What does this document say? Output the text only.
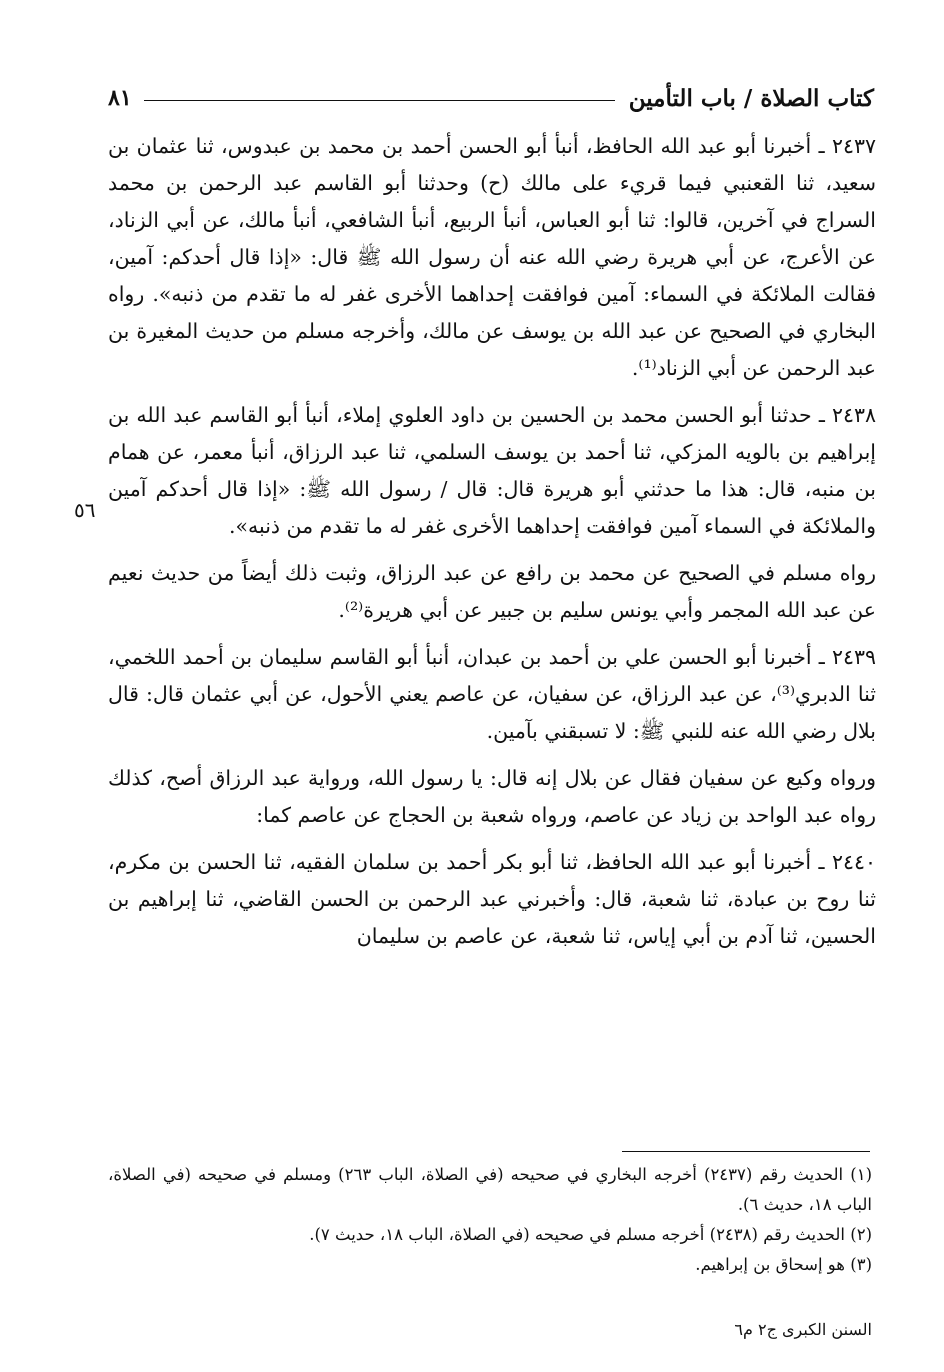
كتاب الصلاة / باب التأمين
٨١
٥٦

٢٤٣٧ ـ أخبرنا أبو عبد الله الحافظ، أنبأ أبو الحسن أحمد بن محمد بن عبدوس، ثنا عثمان بن سعيد، ثنا القعنبي فيما قريء على مالك (ح) وحدثنا أبو القاسم عبد الرحمن بن محمد السراج في آخرين، قالوا: ثنا أبو العباس، أنبأ الربيع، أنبأ الشافعي، أنبأ مالك، عن أبي الزناد، عن الأعرج، عن أبي هريرة رضي الله عنه أن رسول الله ﷺ قال: «إذا قال أحدكم: آمين، فقالت الملائكة في السماء: آمين فوافقت إحداهما الأخرى غفر له ما تقدم من ذنبه». رواه البخاري في الصحيح عن عبد الله بن يوسف عن مالك، وأخرجه مسلم من حديث المغيرة بن عبد الرحمن عن أبي الزناد⁽¹⁾.

٢٤٣٨ ـ حدثنا أبو الحسن محمد بن الحسين بن داود العلوي إملاء، أنبأ أبو القاسم عبد الله بن إبراهيم بن بالويه المزكي، ثنا أحمد بن يوسف السلمي، ثنا عبد الرزاق، أنبأ معمر، عن همام بن منبه، قال: هذا ما حدثني أبو هريرة قال: قال / رسول الله ﷺ: «إذا قال أحدكم آمين والملائكة في السماء آمين فوافقت إحداهما الأخرى غفر له ما تقدم من ذنبه».

رواه مسلم في الصحيح عن محمد بن رافع عن عبد الرزاق، وثبت ذلك أيضاً من حديث نعيم عن عبد الله المجمر وأبي يونس سليم بن جبير عن أبي هريرة⁽²⁾.

٢٤٣٩ ـ أخبرنا أبو الحسن علي بن أحمد بن عبدان، أنبأ أبو القاسم سليمان بن أحمد اللخمي، ثنا الدبري⁽³⁾، عن عبد الرزاق، عن سفيان، عن عاصم يعني الأحول، عن أبي عثمان قال: قال بلال رضي الله عنه للنبي ﷺ: لا تسبقني بآمين.

ورواه وكيع عن سفيان فقال عن بلال إنه قال: يا رسول الله، ورواية عبد الرزاق أصح، كذلك رواه عبد الواحد بن زياد عن عاصم، ورواه شعبة بن الحجاج عن عاصم كما:

٢٤٤٠ ـ أخبرنا أبو عبد الله الحافظ، ثنا أبو بكر أحمد بن سلمان الفقيه، ثنا الحسن بن مكرم، ثنا روح بن عبادة، ثنا شعبة، قال: وأخبرني عبد الرحمن بن الحسن القاضي، ثنا إبراهيم بن الحسين، ثنا آدم بن أبي إياس، ثنا شعبة، عن عاصم بن سليمان

(١) الحديث رقم (٢٤٣٧) أخرجه البخاري في صحيحه (في الصلاة، الباب ٢٦٣) ومسلم في صحيحه (في الصلاة، الباب ١٨، حديث ٦).

(٢) الحديث رقم (٢٤٣٨) أخرجه مسلم في صحيحه (في الصلاة، الباب ١٨، حديث ٧).

(٣) هو إسحاق بن إبراهيم.

السنن الكبرى ج٢ م٦
